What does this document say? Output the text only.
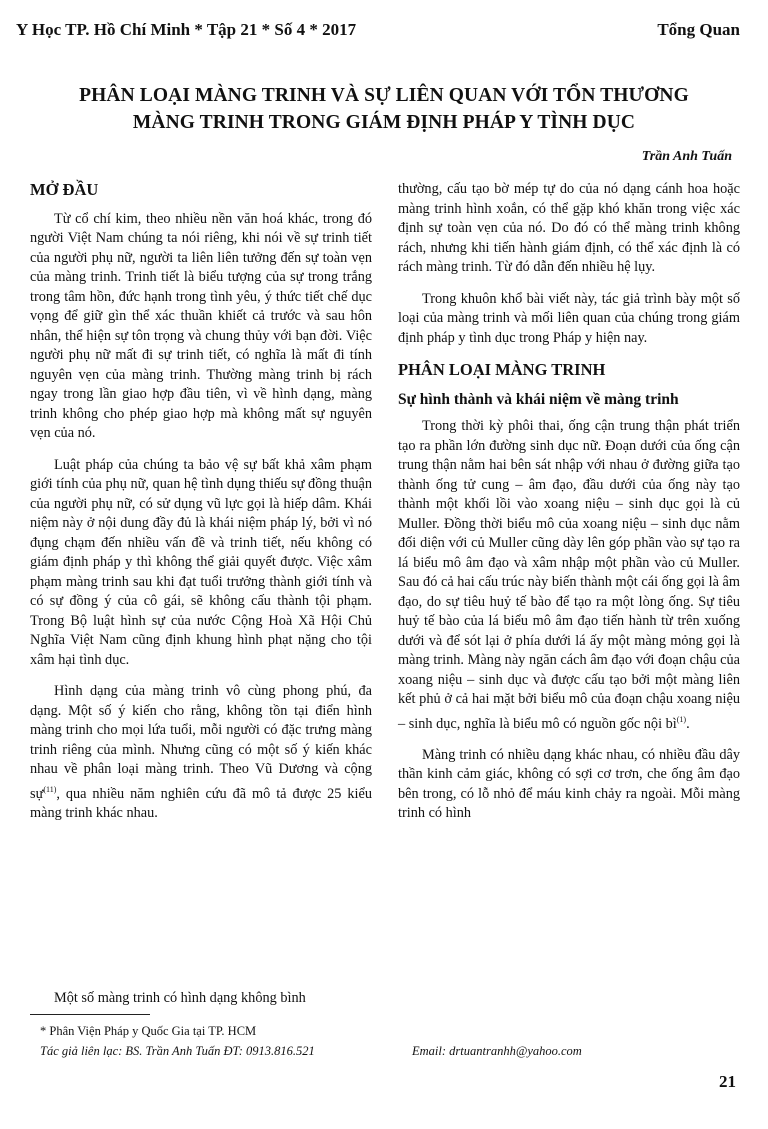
Y Học TP. Hồ Chí Minh * Tập 21 * Số 4 * 2017	Tổng Quan
PHÂN LOẠI MÀNG TRINH VÀ SỰ LIÊN QUAN VỚI TỔN THƯƠNG
MÀNG TRINH TRONG GIÁM ĐỊNH PHÁP Y TÌNH DỤC
Trần Anh Tuấn
MỞ ĐẦU

Từ cổ chí kim, theo nhiều nền văn hoá khác, trong đó người Việt Nam chúng ta nói riêng, khi nói về sự trinh tiết của người phụ nữ, người ta liên liên tưởng đến sự toàn vẹn của màng trinh. Trinh tiết là biểu tượng của sự trong trắng trong tâm hồn, đức hạnh trong tình yêu, ý thức tiết chế dục vọng để giữ gìn thể xác thuần khiết cả trước và sau hôn nhân, thể hiện sự tôn trọng và chung thủy với bạn đời. Việc người phụ nữ mất đi sự trinh tiết, có nghĩa là mất đi tính nguyên vẹn của màng trinh. Thường màng trinh bị rách ngay trong lần giao hợp đầu tiên, vì về hình dạng, màng trinh không cho phép giao hợp mà không mất sự nguyên vẹn của nó.

Luật pháp của chúng ta bảo vệ sự bất khả xâm phạm giới tính của phụ nữ, quan hệ tình dụng thiếu sự đồng thuận của người phụ nữ, có sử dụng vũ lực gọi là hiếp dâm. Khái niệm này ở nội dung đầy đủ là khái niệm pháp lý, bởi vì nó đụng chạm đến nhiều vấn đề và trinh tiết, nếu không có giám định pháp y thì không thể giải quyết được. Việc xâm phạm màng trinh sau khi đạt tuổi trưởng thành giới tính và có sự đồng ý của cô gái, sẽ không cấu thành tội phạm. Trong Bộ luật hình sự của nước Cộng Hoà Xã Hội Chủ Nghĩa Việt Nam cũng định khung hình phạt nặng cho tội xâm hại tình dục.

Hình dạng của màng trinh vô cùng phong phú, đa dạng. Một số ý kiến cho rằng, không tồn tại điển hình màng trinh cho mọi lứa tuổi, mỗi người có đặc trưng màng trinh riêng của mình. Nhưng cũng có một số ý kiến khác nhau về phân loại màng trinh. Theo Vũ Dương và cộng sự$^{(11)}$, qua nhiều năm nghiên cứu đã mô tả được 25 kiểu màng trinh khác nhau.

Một số màng trinh có hình dạng không bình

thường, cấu tạo bờ mép tự do của nó dạng cánh hoa hoặc màng trinh hình xoắn, có thể gặp khó khăn trong việc xác định sự toàn vẹn của nó. Do đó có thể màng trinh không rách, nhưng khi tiến hành giám định, có thể xác định là có rách màng trinh. Từ đó dẫn đến nhiều hệ lụy.

Trong khuôn khổ bài viết này, tác giả trình bày một số loại của màng trinh và mối liên quan của chúng trong giám định pháp y tình dục trong Pháp y hiện nay.

PHÂN LOẠI MÀNG TRINH
Sự hình thành và khái niệm về màng trinh

Trong thời kỳ phôi thai, ống cận trung thận phát triển tạo ra phần lớn đường sinh dục nữ. Đoạn dưới của ống cận trung thận nằm hai bên sát nhập với nhau ở đường giữa tạo thành ống tử cung – âm đạo, đầu dưới của ống này tạo thành một khối lồi vào xoang niệu – sinh dục gọi là củ Muller. Đồng thời biểu mô của xoang niệu – sinh dục nằm đối diện với củ Muller cũng dày lên góp phần vào sự tạo ra lá biểu mô âm đạo và xâm nhập một phần vào củ Muller. Sau đó cả hai cấu trúc này biến thành một cái ống gọi là âm đạo, do sự tiêu huỷ tế bào để tạo ra một lòng ống. Sự tiêu huỷ tế bào của lá biểu mô âm đạo tiến hành từ trên xuống dưới và để sót lại ở phía dưới lá ấy một màng mỏng gọi là màng trinh. Màng này ngăn cách âm đạo với đoạn chậu của xoang niệu – sinh dục và được cấu tạo bởi một màng liên kết phủ ở cả hai mặt bởi biểu mô của đoạn chậu xoang niệu – sinh dục, nghĩa là biểu mô có nguồn gốc nội $bì^{(1)}$.

Màng trinh có nhiều dạng khác nhau, có nhiều đầu dây thần kinh cảm giác, không có sợi cơ trơn, che ống âm đạo bên trong, có lỗ nhỏ để máu kinh chảy ra ngoài. Mỗi màng trinh có hình

* Phân Viện Pháp y Quốc Gia tại TP. HCM
Tác giả liên lạc: BS. Trần Anh Tuấn ĐT: 0913.816.521	Email: drtuantranhh@yahoo.com
21
